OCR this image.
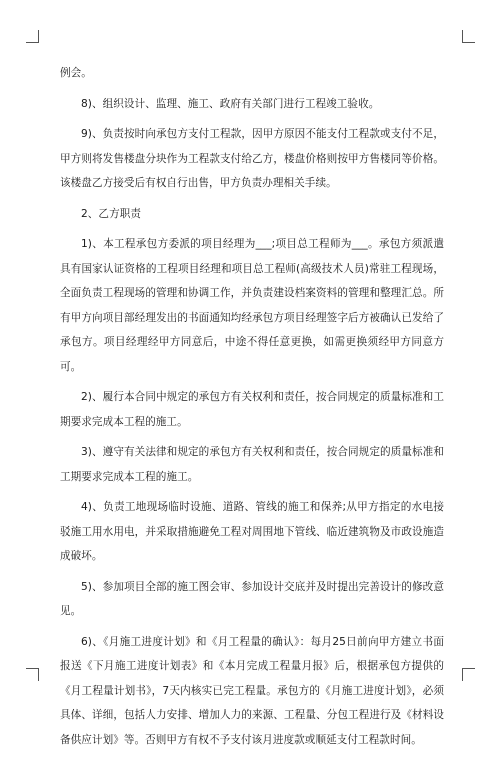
例会。

8)、组织设计、监理、施工、政府有关部门进行工程竣工验收。

9)、负责按时向承包方支付工程款，因甲方原因不能支付工程款或支付不足，甲方则将发售楼盘分块作为工程款支付给乙方，楼盘价格则按甲方售楼同等价格。该楼盘乙方接受后有权自行出售，甲方负责办理相关手续。

2、乙方职责

1)、本工程承包方委派的项目经理为___;项目总工程师为___。承包方须派遣具有国家认证资格的工程项目经理和项目总工程师(高级技术人员)常驻工程现场，全面负责工程现场的管理和协调工作，并负责建设档案资料的管理和整理汇总。所有甲方向项目部经理发出的书面通知均经承包方项目经理签字后方被确认已发给了承包方。项目经理经甲方同意后，中途不得任意更换，如需更换须经甲方同意方可。

2)、履行本合同中规定的承包方有关权利和责任，按合同规定的质量标准和工期要求完成本工程的施工。

3)、遵守有关法律和规定的承包方有关权利和责任，按合同规定的质量标准和工期要求完成本工程的施工。

4)、负责工地现场临时设施、道路、管线的施工和保养;从甲方指定的水电接驳施工用水用电，并采取措施避免工程对周围地下管线、临近建筑物及市政设施造成破坏。

5)、参加项目全部的施工图会审、参加设计交底并及时提出完善设计的修改意见。

6)、《月施工进度计划》和《月工程量的确认》：每月25日前向甲方建立书面报送《下月施工进度计划表》和《本月完成工程量月报》后，根据承包方提供的《月工程量计划书》，7天内核实已完工程量。承包方的《月施工进度计划》，必须具体、详细，包括人力安排、增加人力的来源、工程量、分包工程进行及《材料设备供应计划》等。否则甲方有权不予支付该月进度款或顺延支付工程款时间。
